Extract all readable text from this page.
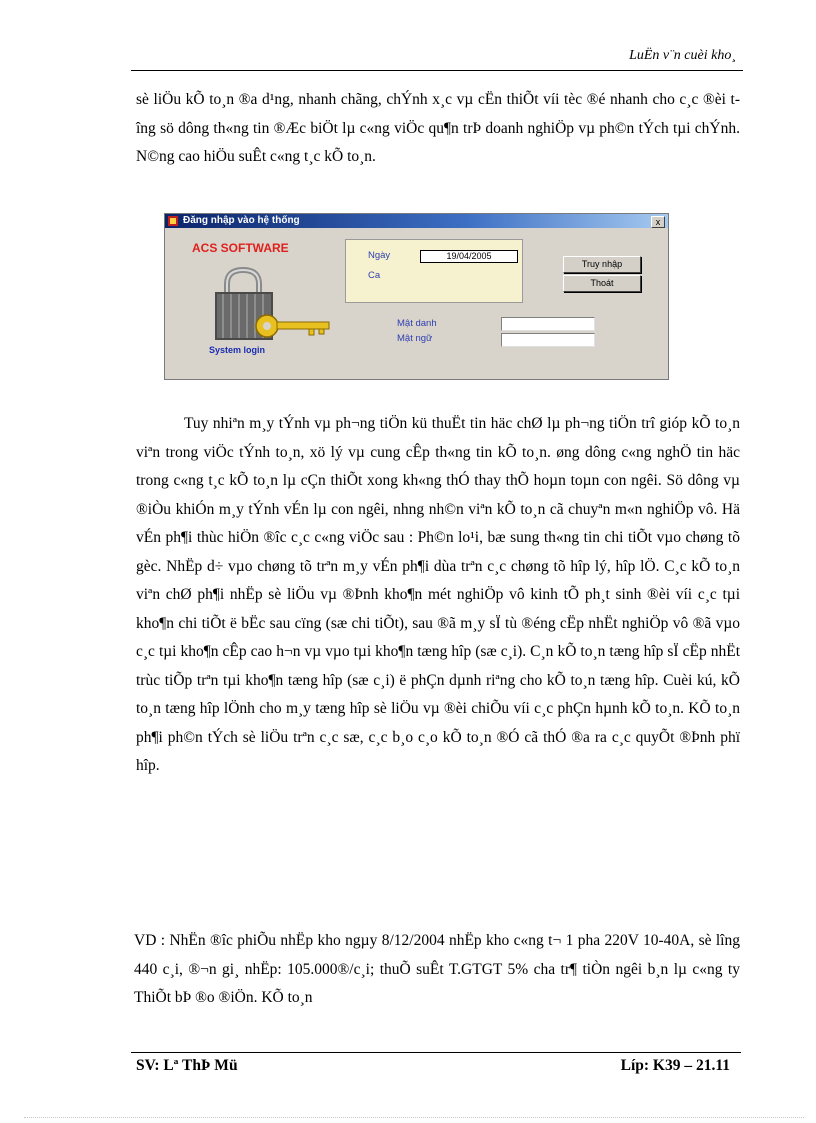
LuËn v¨n cuèi kho¸

sè liÖu kÕ to¸n ®a d¹ng, nhanh chãng, chÝnh x¸c vµ cËn thiÕt víi tèc ®é nhanh cho c¸c ®èi tîng sö dông th«ng tin ®Æc biÖt lµ c«ng viÖc qu¶n trÞ doanh nghiÖp vµ ph©n tÝch tµi chÝnh. N©ng cao hiÖu suÊt c«ng t¸c kÕ to¸n.

Đăng nhập vào hệ thống	x
ACS SOFTWARE
System login
Ngày	19/04/2005
Ca
Truy nhập
Thoát
Mật danh
Mật ngữ

Tuy nhiªn m¸y tÝnh vµ ph¬ng tiÖn kü thuËt tin häc chØ lµ ph¬ng tiÖn trî gióp kÕ to¸n viªn trong viÖc tÝnh to¸n, xö lý vµ cung cÊp th«ng tin kÕ to¸n. øng dông c«ng nghÖ tin häc trong c«ng t¸c kÕ to¸n lµ cÇn thiÕt xong kh«ng thÓ thay thÕ hoµn toµn con ngêi. Sö dông vµ ®iÒu khiÓn m¸y tÝnh vÉn lµ con ngêi, nhng nh©n viªn kÕ to¸n cã chuyªn m«n nghiÖp vô. Hä vÉn ph¶i thùc hiÖn ®îc c¸c c«ng viÖc sau : Ph©n lo¹i, bæ sung th«ng tin chi tiÕt vµo chøng tõ gèc. NhËp d÷ vµo chøng tõ trªn m¸y vÉn ph¶i dùa trªn c¸c chøng tõ hîp lý, hîp lÖ. C¸c kÕ to¸n viªn chØ ph¶i nhËp sè liÖu vµ ®Þnh kho¶n mét nghiÖp vô kinh tÕ ph¸t sinh ®èi víi c¸c tµi kho¶n chi tiÕt ë bËc sau cïng (sæ chi tiÕt), sau ®ã m¸y sÏ tù ®éng cËp nhËt nghiÖp vô ®ã vµo c¸c tµi kho¶n cÊp cao h¬n vµ vµo tµi kho¶n tæng hîp (sæ c¸i). C¸n kÕ to¸n tæng hîp sÏ cËp nhËt trùc tiÕp trªn tµi kho¶n tæng hîp (sæ c¸i) ë phÇn dµnh riªng cho kÕ to¸n tæng hîp. Cuèi kú, kÕ to¸n tæng hîp lÖnh cho m¸y tæng hîp sè liÖu vµ ®èi chiÕu víi c¸c phÇn hµnh kÕ to¸n. KÕ to¸n ph¶i ph©n tÝch sè liÖu trªn c¸c sæ, c¸c b¸o c¸o kÕ to¸n ®Ó cã thÓ ®a ra c¸c quyÕt ®Þnh phï hîp.

VD : NhËn ®îc phiÕu nhËp kho ngµy 8/12/2004 nhËp kho c«ng t¬ 1 pha 220V 10-40A, sè lîng 440 c¸i, ®¬n gi¸ nhËp: 105.000®/c¸i; thuÕ suÊt T.GTGT 5% cha tr¶ tiÒn ngêi b¸n lµ c«ng ty ThiÕt bÞ ®o ®iÖn. KÕ to¸n

SV: Lª ThÞ Mü	Líp: K39 – 21.11
